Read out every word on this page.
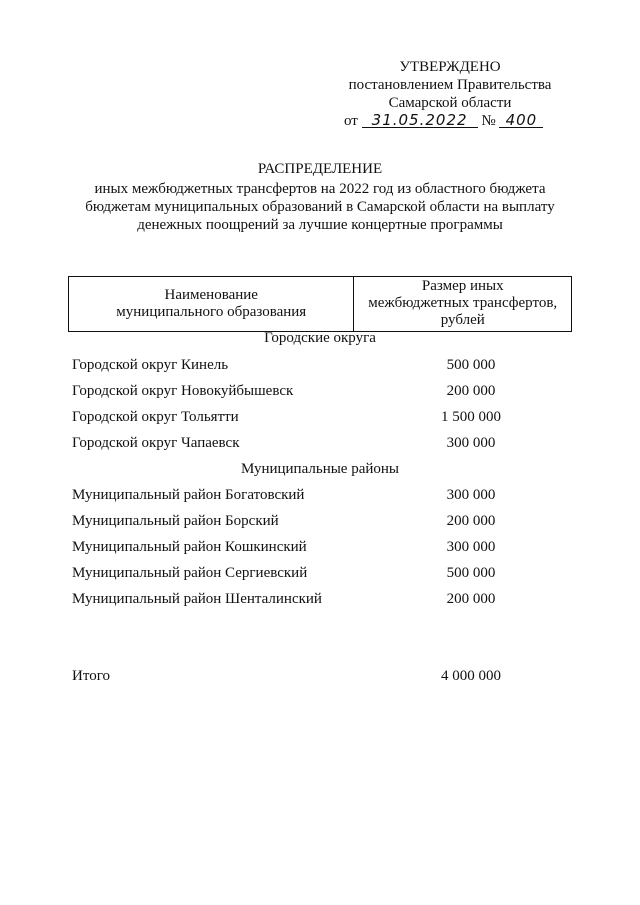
УТВЕРЖДЕНО
постановлением Правительства
Самарской области
от 31.05.2022 № 400
РАСПРЕДЕЛЕНИЕ
иных межбюджетных трансфертов на 2022 год из областного бюджета
бюджетам муниципальных образований в Самарской области на выплату
денежных поощрений за лучшие концертные программы
Наименование
муниципального образования

Размер иных
межбюджетных трансфертов,
рублей
Городские округа
Городской округ Кинель	500 000
Городской округ Новокуйбышевск	200 000
Городской округ Тольятти	1 500 000
Городской округ Чапаевск	300 000
Муниципальные районы
Муниципальный район Богатовский	300 000
Муниципальный район Борский	200 000
Муниципальный район Кошкинский	300 000
Муниципальный район Сергиевский	500 000
Муниципальный район Шенталинский	200 000
Итого	4 000 000
